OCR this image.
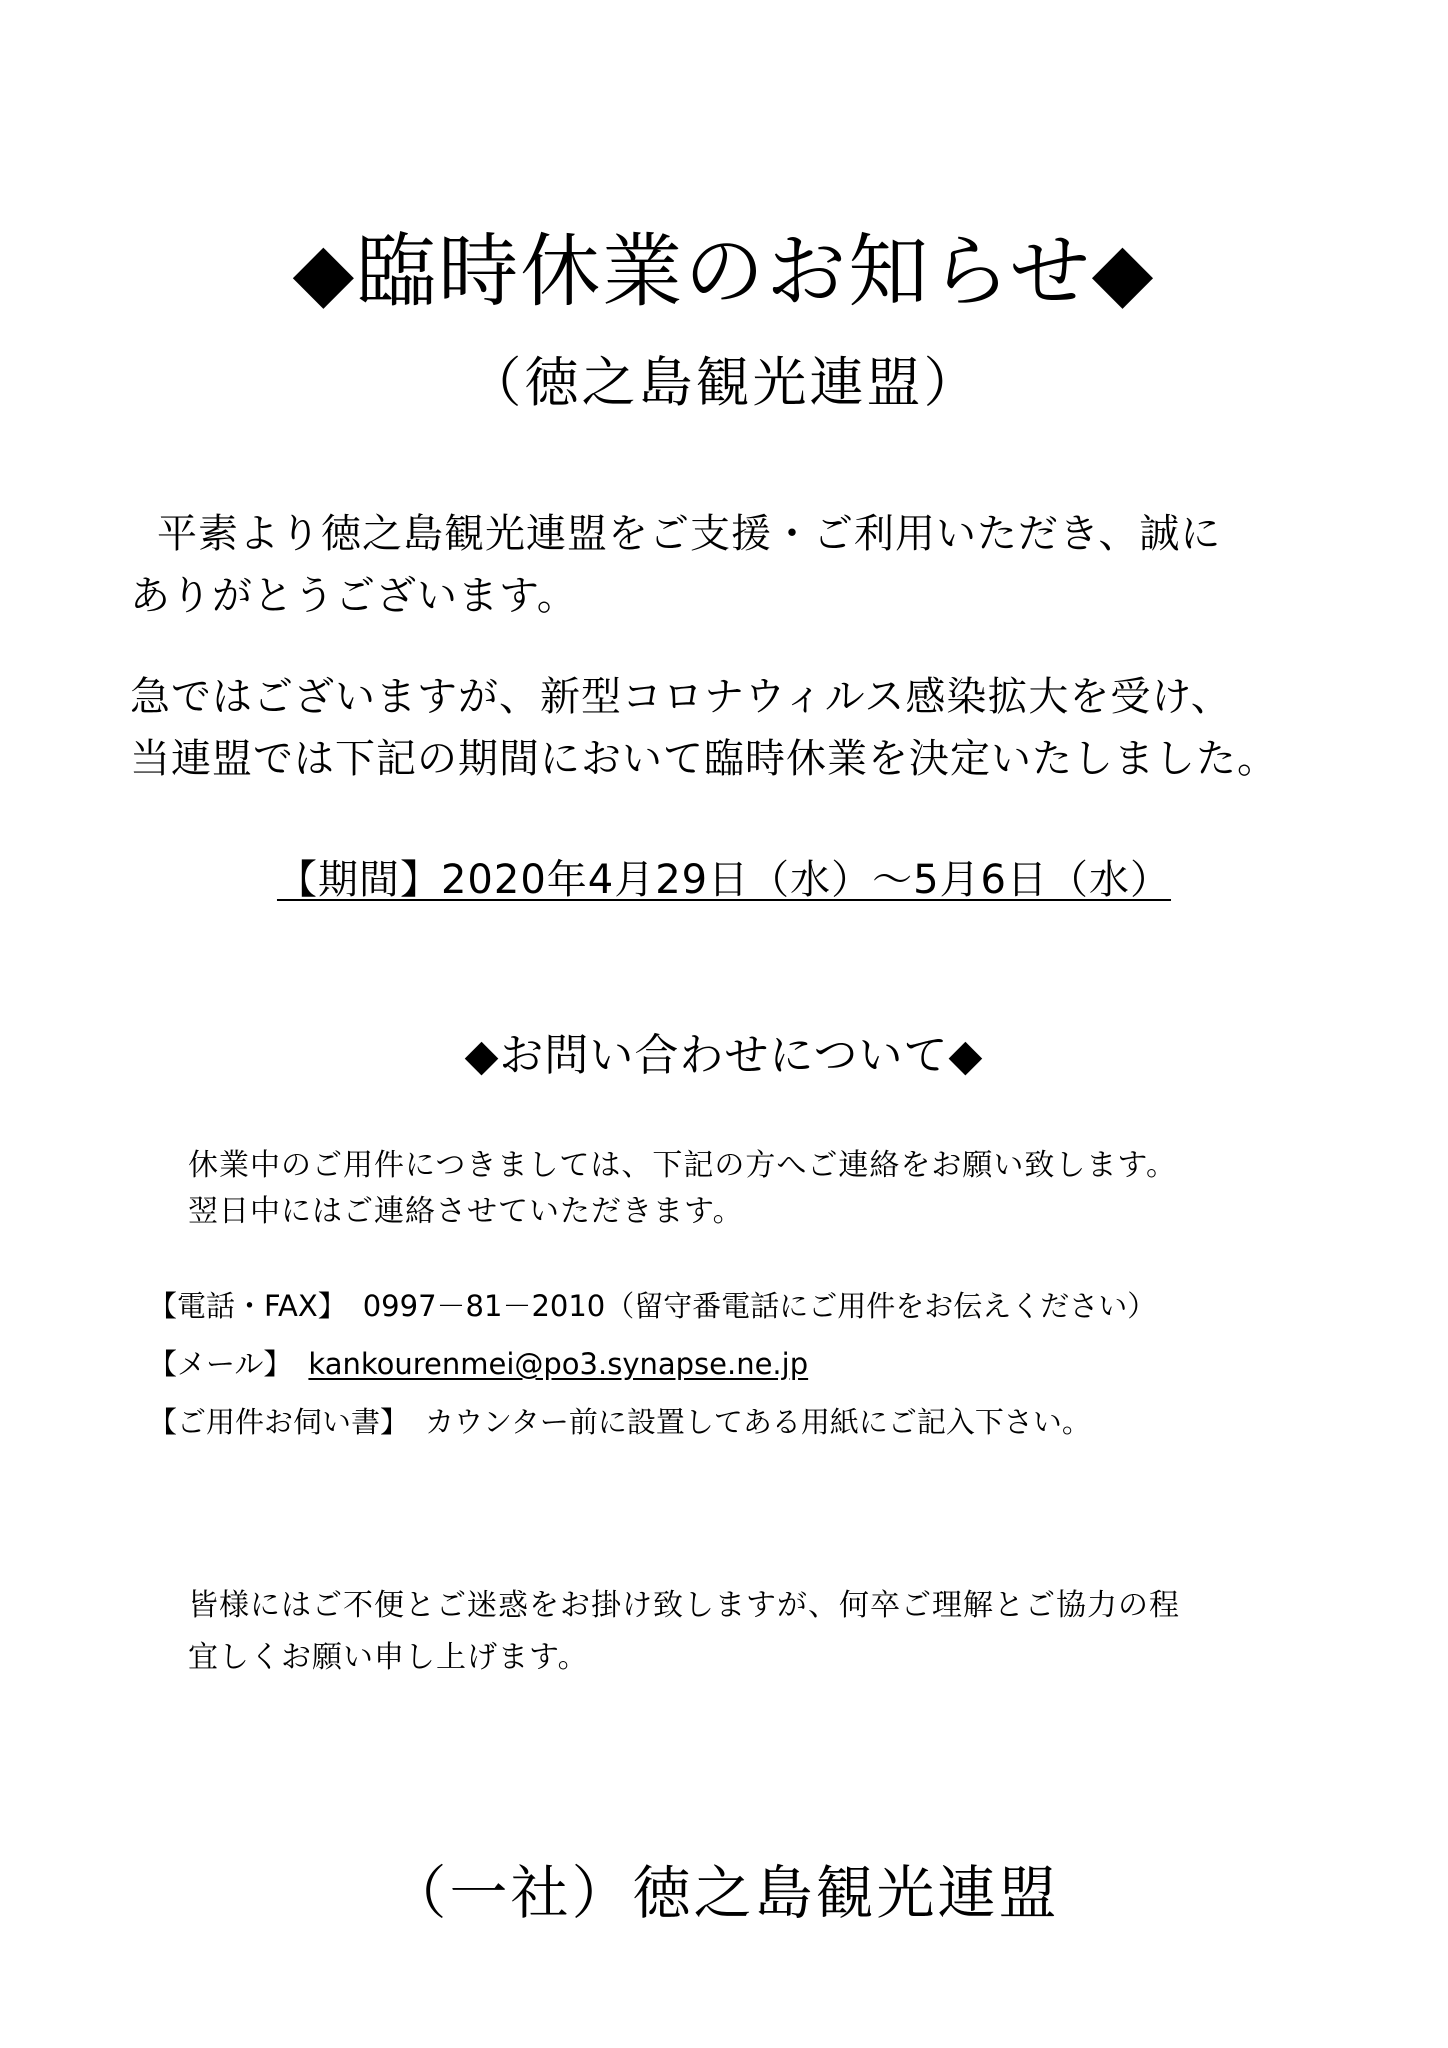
◆臨時休業のお知らせ◆
（徳之島観光連盟）
平素より徳之島観光連盟をご支援・ご利用いただき、誠に
ありがとうございます。
急ではございますが、新型コロナウィルス感染拡大を受け、
当連盟では下記の期間において臨時休業を決定いたしました。
【期間】2020年4月29日（水）～5月6日（水）
◆お問い合わせについて◆
休業中のご用件につきましては、下記の方へご連絡をお願い致します。
翌日中にはご連絡させていただきます。
【電話・FAX】 0997－81－2010（留守番電話にご用件をお伝えください）
【メール】 kankourenmei@po3.synapse.ne.jp
【ご用件お伺い書】 カウンター前に設置してある用紙にご記入下さい。
皆様にはご不便とご迷惑をお掛け致しますが、何卒ご理解とご協力の程
宜しくお願い申し上げます。
（一社）徳之島観光連盟
